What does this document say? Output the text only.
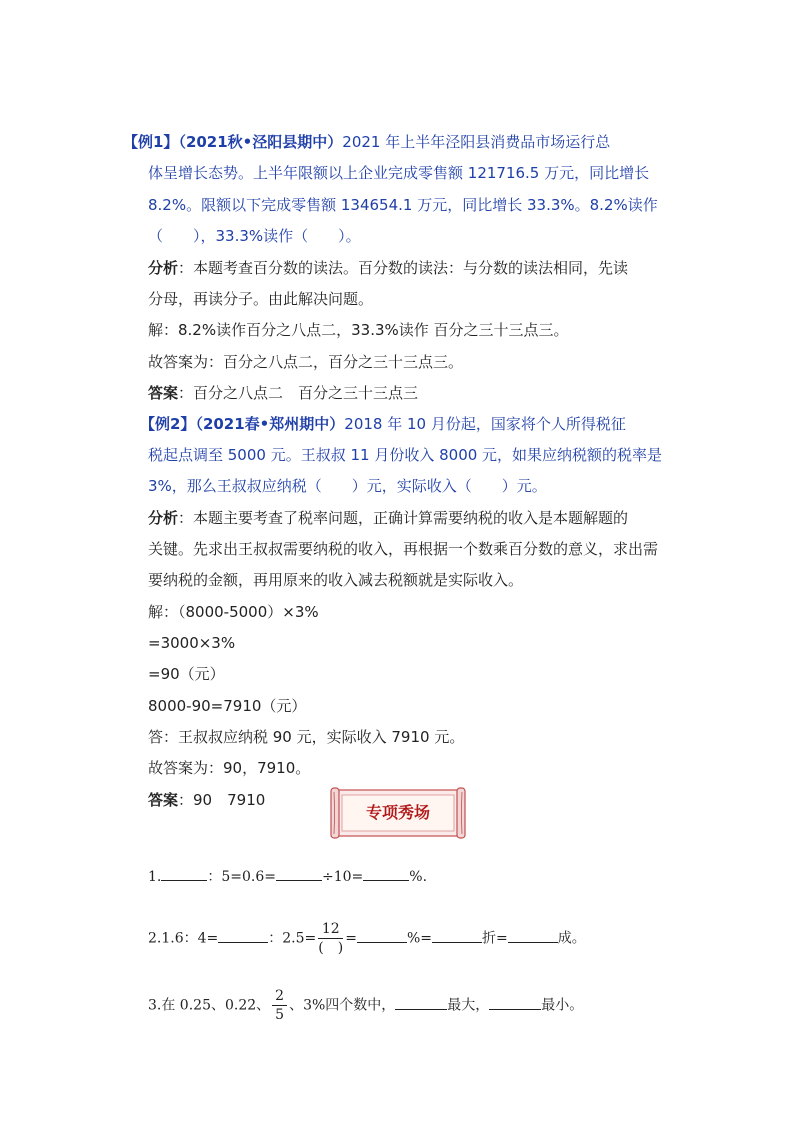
【例1】（2021秋•泾阳县期中）2021 年上半年泾阳县消费品市场运行总
体呈增长态势。上半年限额以上企业完成零售额 121716.5 万元，同比增长
8.2%。限额以下完成零售额 134654.1 万元，同比增长 33.3%。8.2%读作
（　　），33.3%读作（　　）。
分析：本题考查百分数的读法。百分数的读法：与分数的读法相同，先读
分母，再读分子。由此解决问题。
解：8.2%读作百分之八点二，33.3%读作 百分之三十三点三。
故答案为：百分之八点二，百分之三十三点三。
答案：百分之八点二　百分之三十三点三
【例2】（2021春•郑州期中）2018 年 10 月份起，国家将个人所得税征
税起点调至 5000 元。王叔叔 11 月份收入 8000 元，如果应纳税额的税率是
3%，那么王叔叔应纳税（　　）元，实际收入（　　）元。
分析：本题主要考查了税率问题，正确计算需要纳税的收入是本题解题的
关键。先求出王叔叔需要纳税的收入，再根据一个数乘百分数的意义，求出需
要纳税的金额，再用原来的收入减去税额就是实际收入。
解：（8000-5000）×3%
=3000×3%
=90（元）
8000-90=7910（元）
答：王叔叔应纳税 90 元，实际收入 7910 元。
故答案为：90，7910。
答案：90　7910
专项秀场
1.	：5=0.6=	÷10=	%.
2.1.6：4=	：$2.5= \frac{12}{( )}$ =	%=	折=	成。
3.在 0.25、0.22̇、 $\frac{2}{5}$ 、3%四个数中，	最大，	最小。
